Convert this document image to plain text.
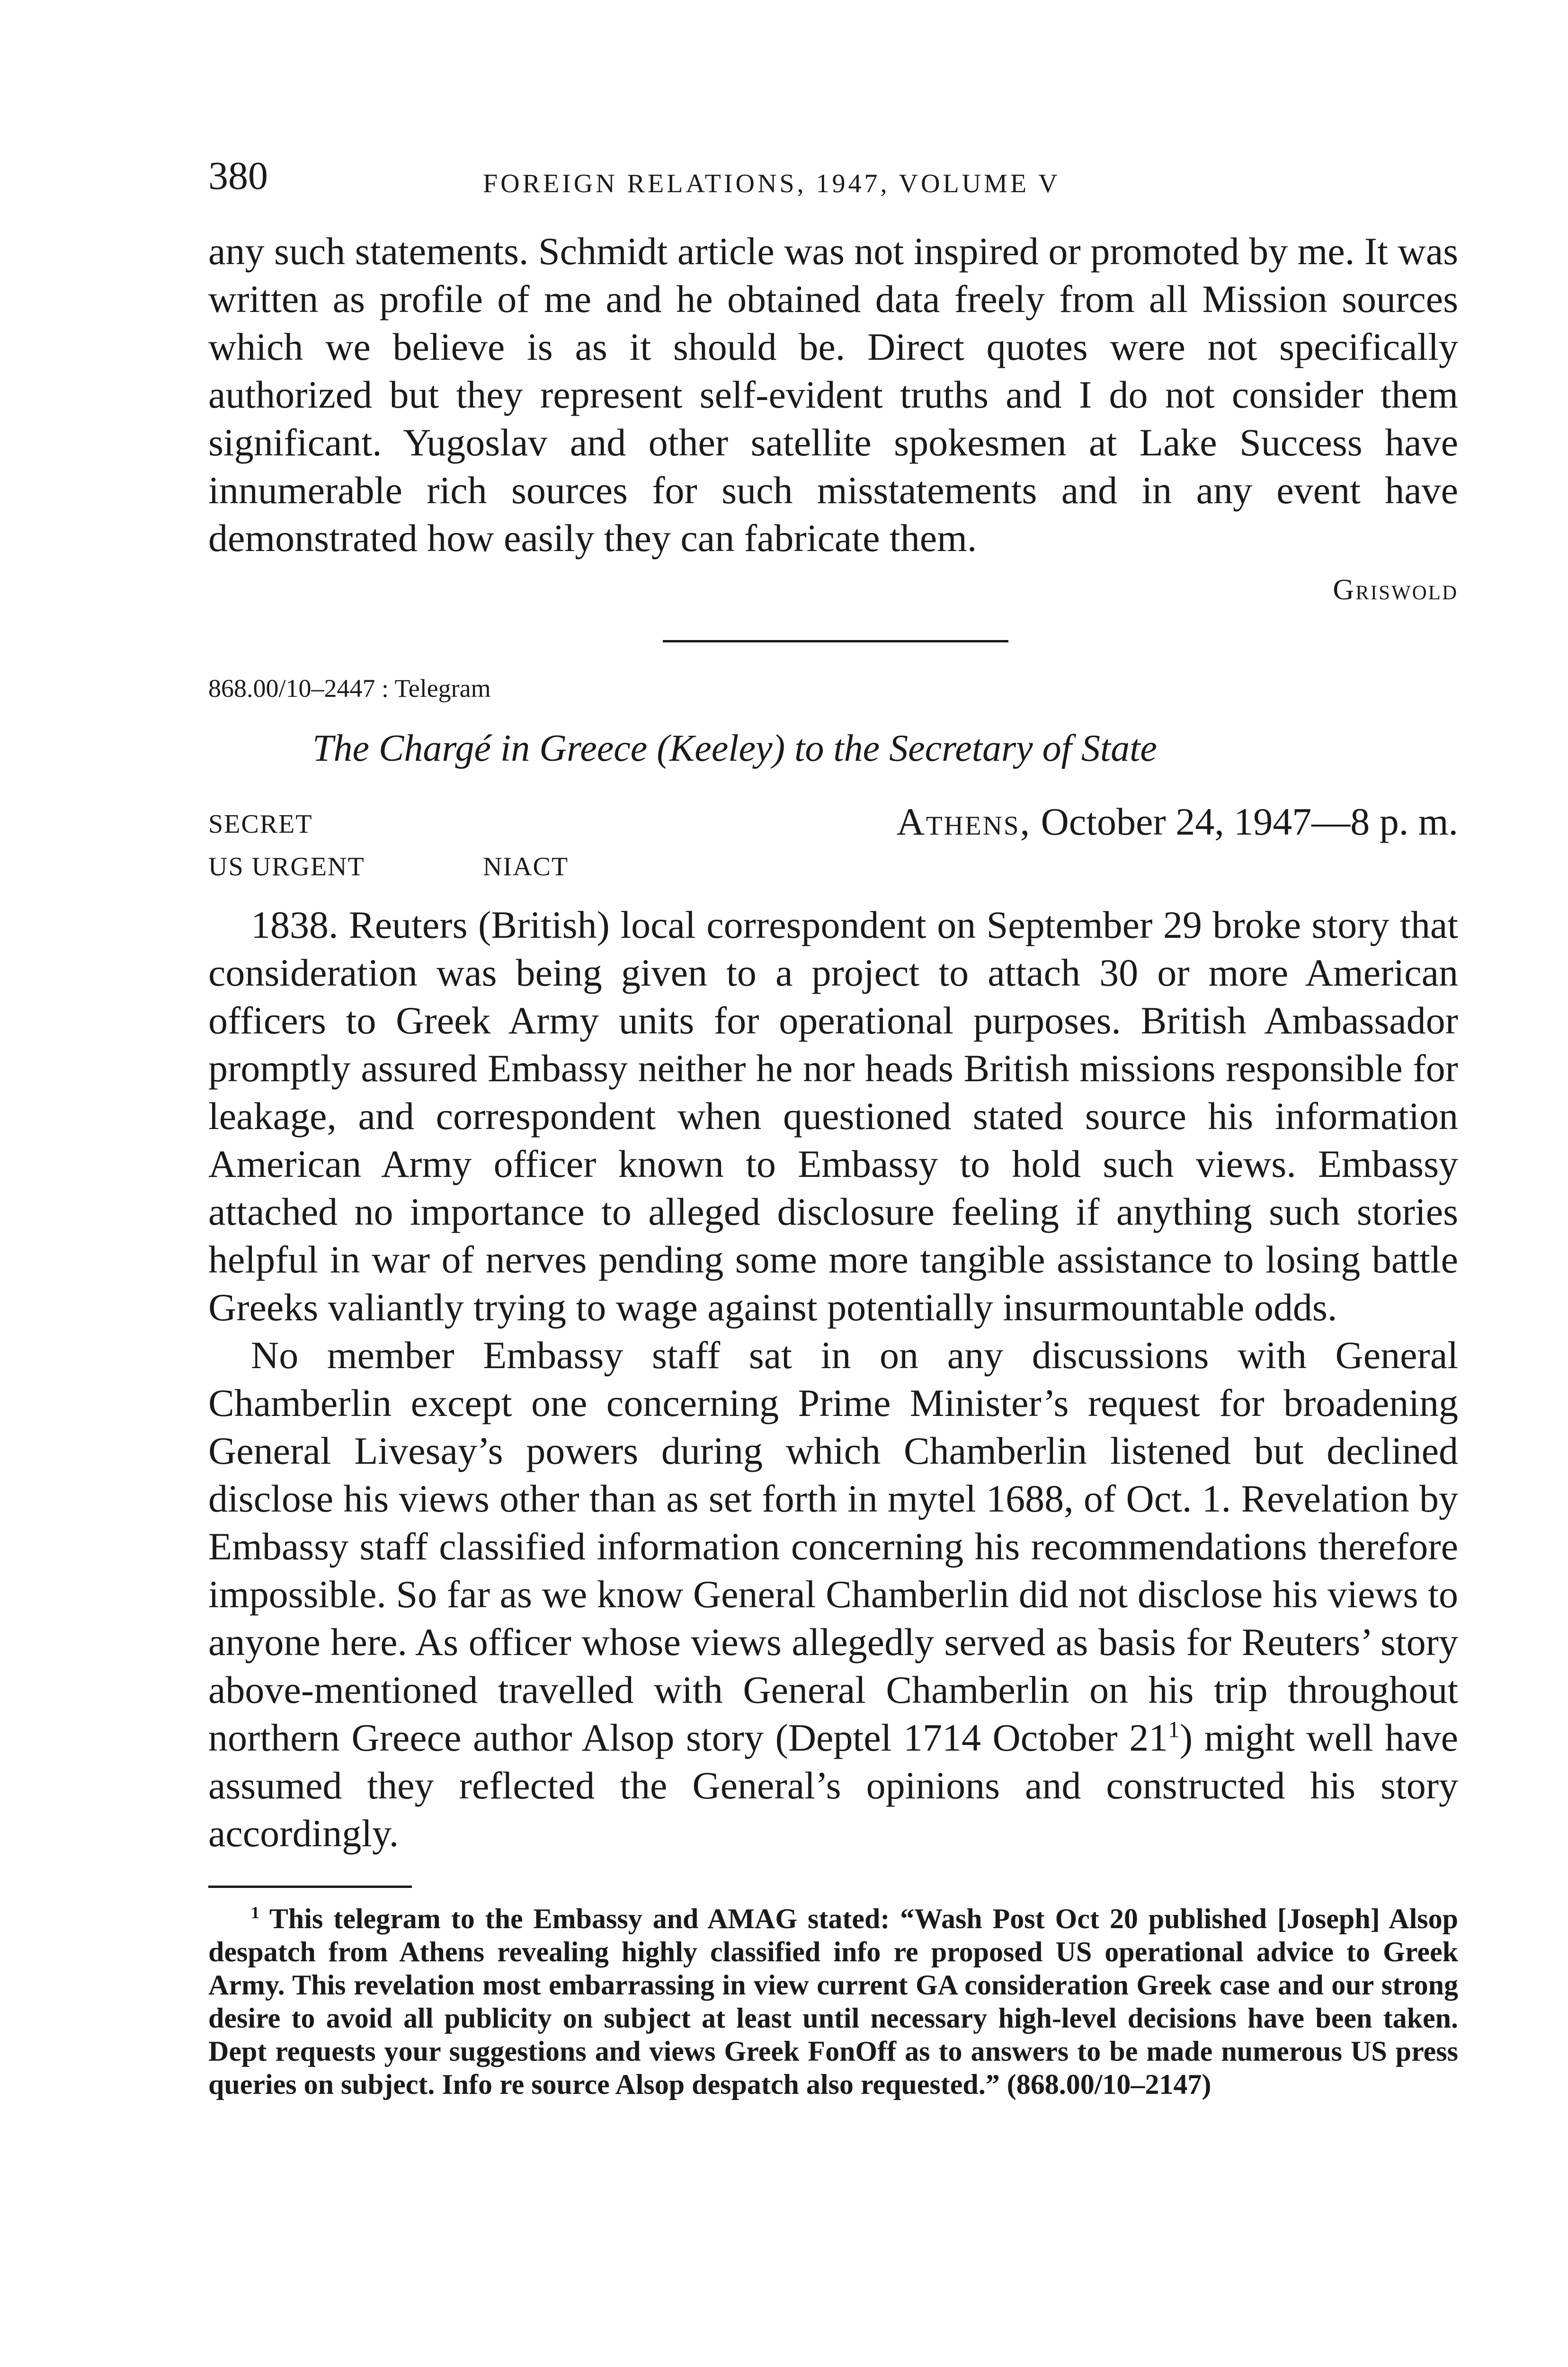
380	FOREIGN RELATIONS, 1947, VOLUME V

any such statements. Schmidt article was not inspired or promoted by me. It was written as profile of me and he obtained data freely from all Mission sources which we believe is as it should be. Direct quotes were not specifically authorized but they represent self-evident truths and I do not consider them significant. Yugoslav and other satellite spokesmen at Lake Success have innumerable rich sources for such misstatements and in any event have demonstrated how easily they can fabricate them.

Griswold
868.00/10–2447 : Telegram
The Chargé in Greece (Keeley) to the Secretary of State
SECRET	Athens, October 24, 1947—8 p. m.
US URGENT	NIACT

1838. Reuters (British) local correspondent on September 29 broke story that consideration was being given to a project to attach 30 or more American officers to Greek Army units for operational purposes. British Ambassador promptly assured Embassy neither he nor heads British missions responsible for leakage, and correspondent when questioned stated source his information American Army officer known to Embassy to hold such views. Embassy attached no importance to alleged disclosure feeling if anything such stories helpful in war of nerves pending some more tangible assistance to losing battle Greeks valiantly trying to wage against potentially insurmountable odds.

No member Embassy staff sat in on any discussions with General Chamberlin except one concerning Prime Minister’s request for broadening General Livesay’s powers during which Chamberlin listened but declined disclose his views other than as set forth in mytel 1688, of Oct. 1. Revelation by Embassy staff classified information concerning his recommendations therefore impossible. So far as we know General Chamberlin did not disclose his views to anyone here. As officer whose views allegedly served as basis for Reuters’ story above-mentioned travelled with General Chamberlin on his trip throughout northern Greece author Alsop story (Deptel 1714 October $21^1$) might well have assumed they reflected the General’s opinions and constructed his story accordingly.

$^1$ This telegram to the Embassy and AMAG stated: “Wash Post Oct 20 published [Joseph] Alsop despatch from Athens revealing highly classified info re proposed US operational advice to Greek Army. This revelation most embarrassing in view current GA consideration Greek case and our strong desire to avoid all publicity on subject at least until necessary high-level decisions have been taken. Dept requests your suggestions and views Greek FonOff as to answers to be made numerous US press queries on subject. Info re source Alsop despatch also requested.” (868.00/10–2147)
